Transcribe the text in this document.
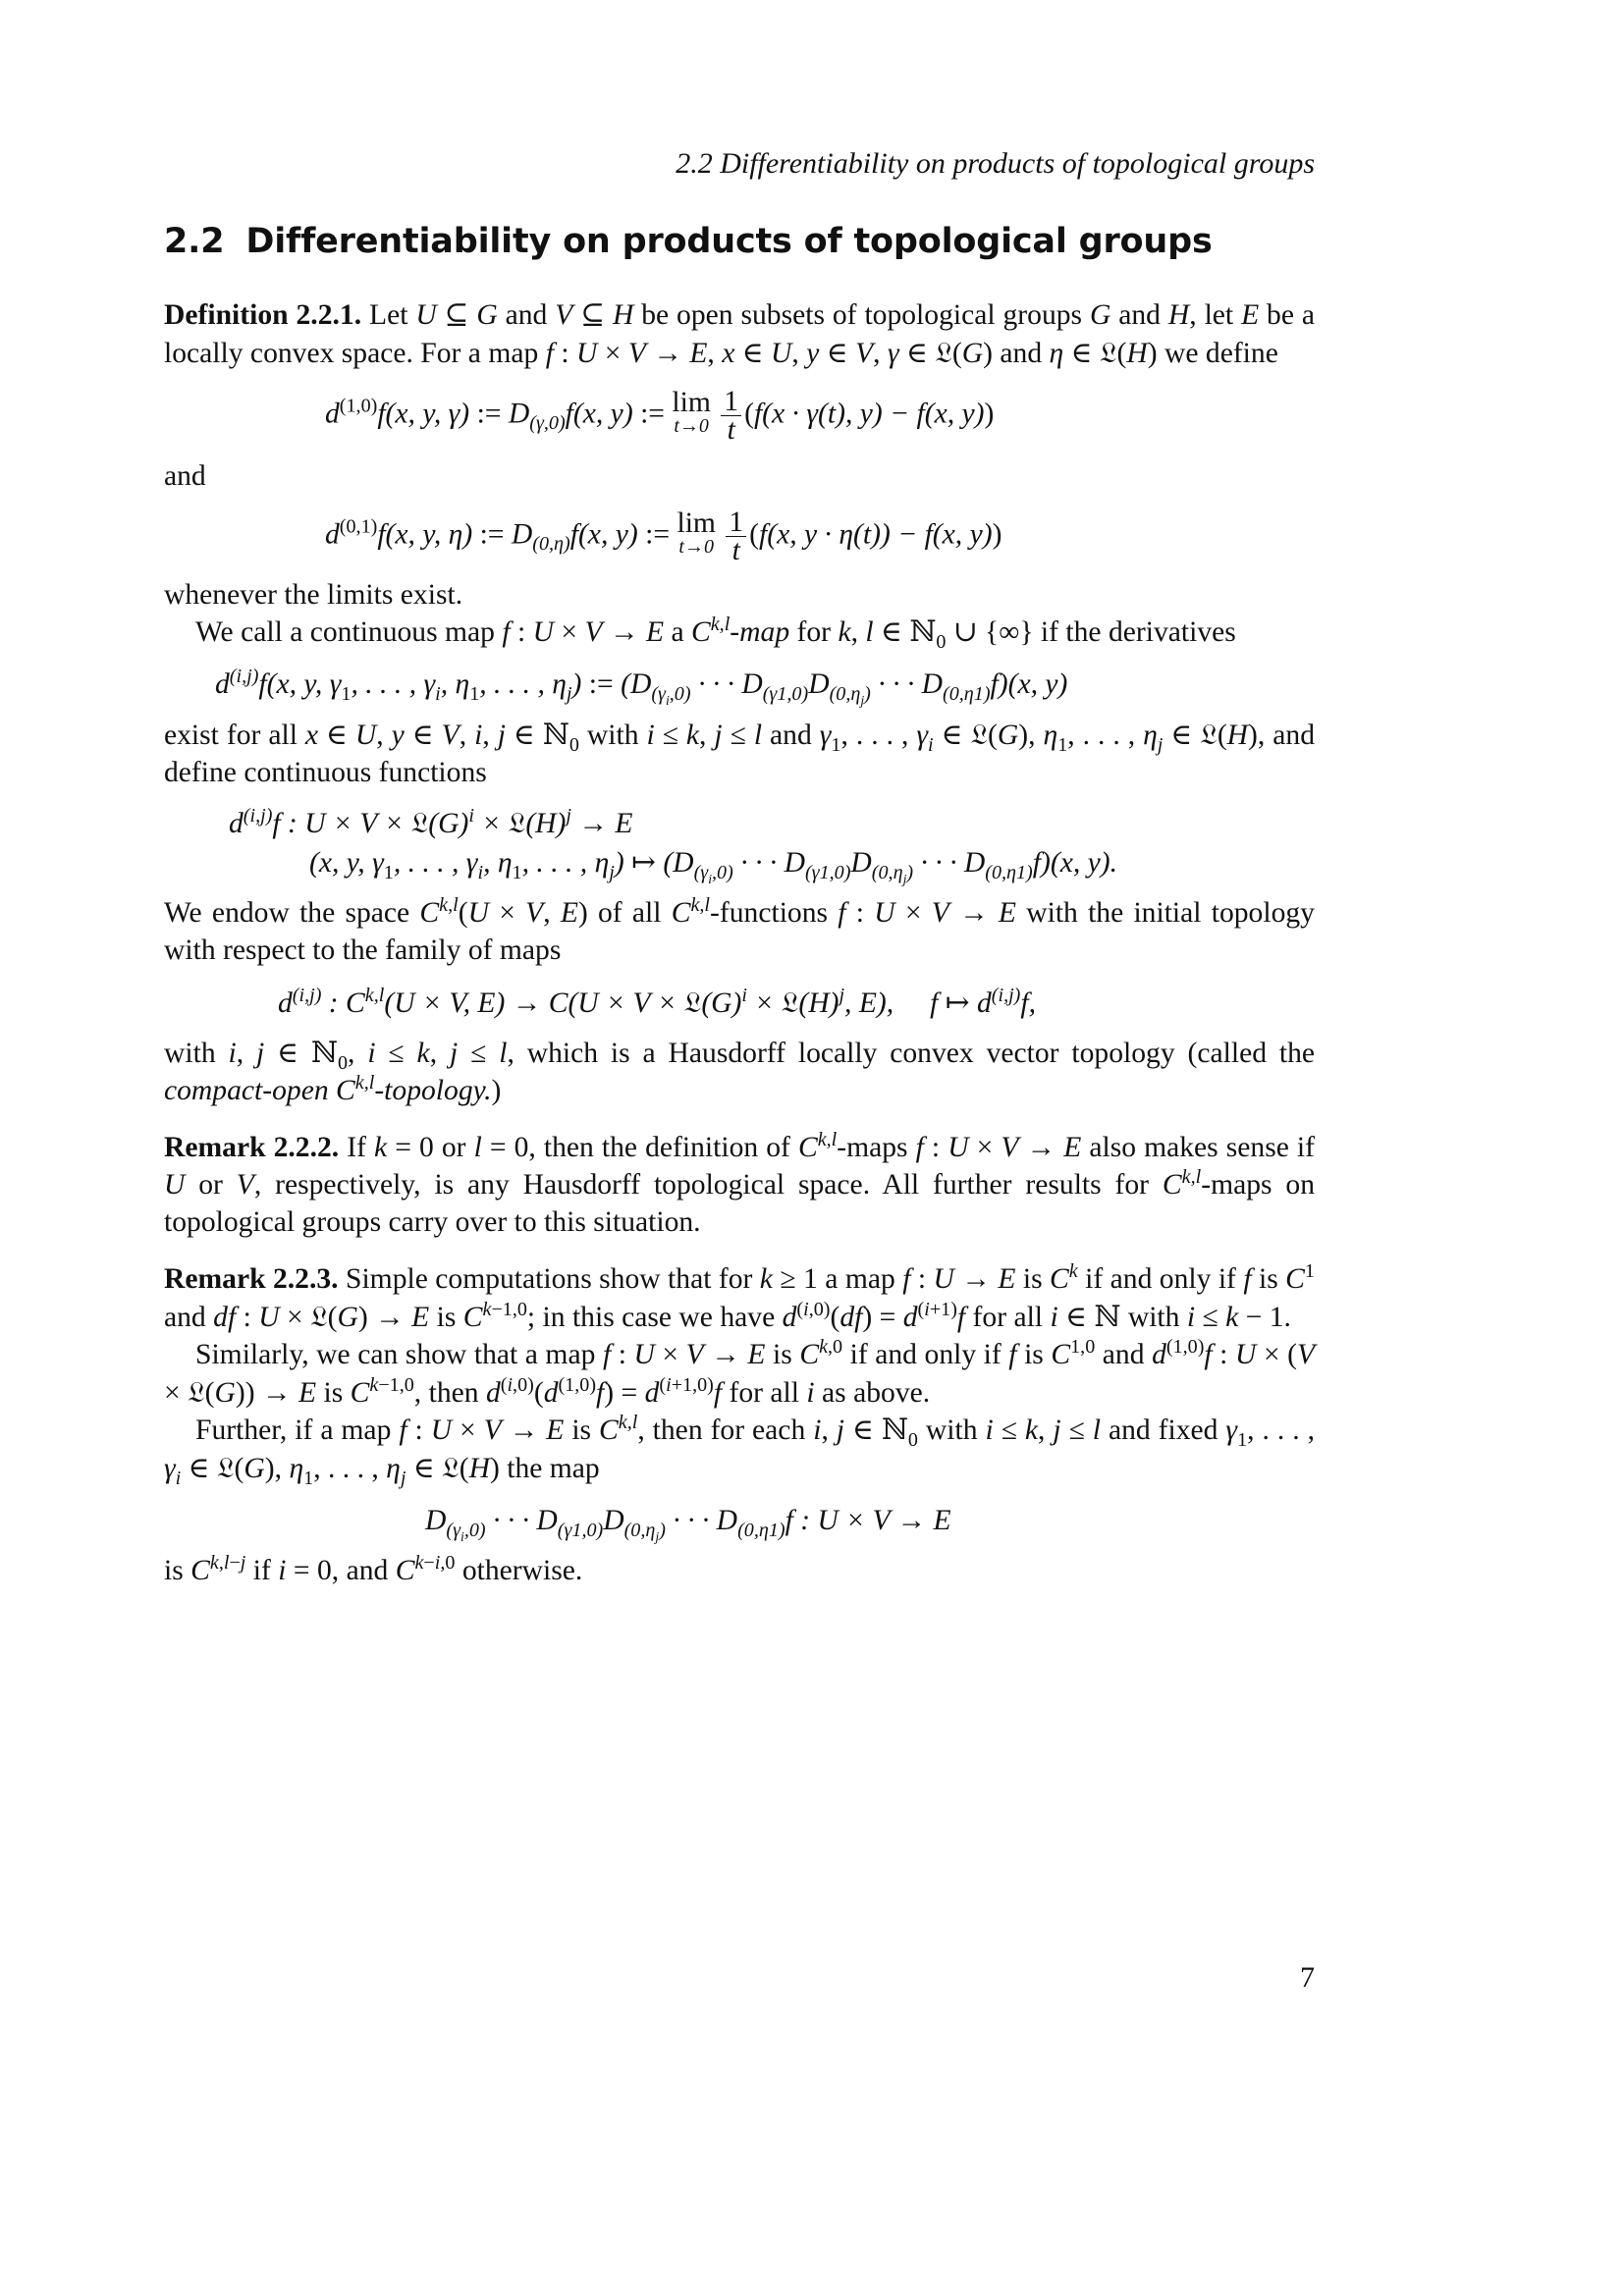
2.2 Differentiability on products of topological groups
2.2 Differentiability on products of topological groups

Definition 2.2.1. Let U ⊆ G and V ⊆ H be open subsets of topological groups G and H, let E be a locally convex space. For a map f : U × V → E, x ∈ U, y ∈ V, γ ∈ 𝔏(G) and η ∈ 𝔏(H) we define

$d^{(1,0)}f(x$, y, γ) := $D_{(\gamma,0)}f(x$, y) := lim
t→0
$\frac{1}{t} (f(x \cdot \gamma(t)$, y) − f(x, y))

and

$d^{(0,1)}f(x$, y, η) := $D_{(0,\eta)}f(x$, y) := lim
t→0
$\frac{1}{t} (f(x$, y · η(t)) − f(x, y))

whenever the limits exist.

We call a continuous map f : U × V → E a C$^{k,l}$-map for k, l ∈ ℕ$_0$ ∪ {∞} if the derivatives

$d^{(i,j)}f(x$, y, $\gamma_1$, . . . , $\gamma_i$, $\eta_1$, . . . , $\eta_j$) := ($D_{(\gamma_i,0)}$ · · · $D_{(\gamma 1,0)}D_{(0,\eta_j)}$ · · · $D_{(0,\eta 1)}f)(x$, y)

exist for all x ∈ U, y ∈ V, i, j ∈ ℕ$_0$ with i ≤ k, j ≤ l and $\gamma_1$, . . . , $\gamma_i$ ∈ 𝔏(G), $\eta_1$, . . . , $\eta_j$ ∈ 𝔏(H), and define continuous functions

$d^{(i,j)}f$ : $U \times V \times 𝔏(G)^i$ × $𝔏(H)^j \to E$
(x, y, $\gamma_1$, . . . , $\gamma_i$, $\eta_1$, . . . , $\eta_j$) ↦ ($D_{(\gamma_i,0)}$ · · · $D_{(\gamma 1,0)}D_{(0,\eta_j)}$ · · · $D_{(0,\eta 1)}f)(x$, y).

We endow the space C$^{k,l}$(U × V, E) of all C$^{k,l}$-functions f : U × V → E with the initial topology with respect to the family of maps

$d^{(i,j)}$ : C$^{k,l}$(U × V, $E) \to C(U \times V \times 𝔏(G)^i$ × $𝔏(H)^j$, E),     f ↦ $d^{(i,j)}f$,

with i, j ∈ ℕ$_0$, i ≤ k, j ≤ l, which is a Hausdorff locally convex vector topology (called the compact-open C$^{k,l}$-topology.)

Remark 2.2.2. If k = 0 or l = 0, then the definition of C$^{k,l}$-maps f : U × V → E also makes sense if U or V, respectively, is any Hausdorff topological space. All further results for C$^{k,l}$-maps on topological groups carry over to this situation.

Remark 2.2.3. Simple computations show that for k ≥ 1 a map f : U → E is $C^k$ if and only if f is $C^1$ and df : U × 𝔏(G) → E is $C^{k-1,0}$; in this case we have $d^{(i,0)}(df) = d^{(i+1)}f$ for all i ∈ ℕ with i ≤ k − 1.

Similarly, we can show that a map f : U × V → E is C$^{k,0}$ if and only if f is C$^{1,0}$ and $d^{(1,0)}f$ : U × (V × 𝔏(G)) → E is $C^{k-1,0}$, then $d^{(i,0)}(d^{(1,0)}f) = d^{(i+1,0)}f$ for all i as above.

Further, if a map f : U × V → E is C$^{k,l}$, then for each i, j ∈ ℕ$_0$ with i ≤ k, j ≤ l and fixed $\gamma_1$, . . . , $\gamma_i$ ∈ 𝔏(G), $\eta_1$, . . . , $\eta_j$ ∈ 𝔏(H) the map

$D_{(\gamma_i,0)}$ · · · $D_{(\gamma 1,0)}D_{(0,\eta_j)}$ · · · $D_{(0,\eta 1)}f$ : U × V → E

is $C^{k,l-j}$ if i = 0, and $C^{k-i,0}$ otherwise.

7
